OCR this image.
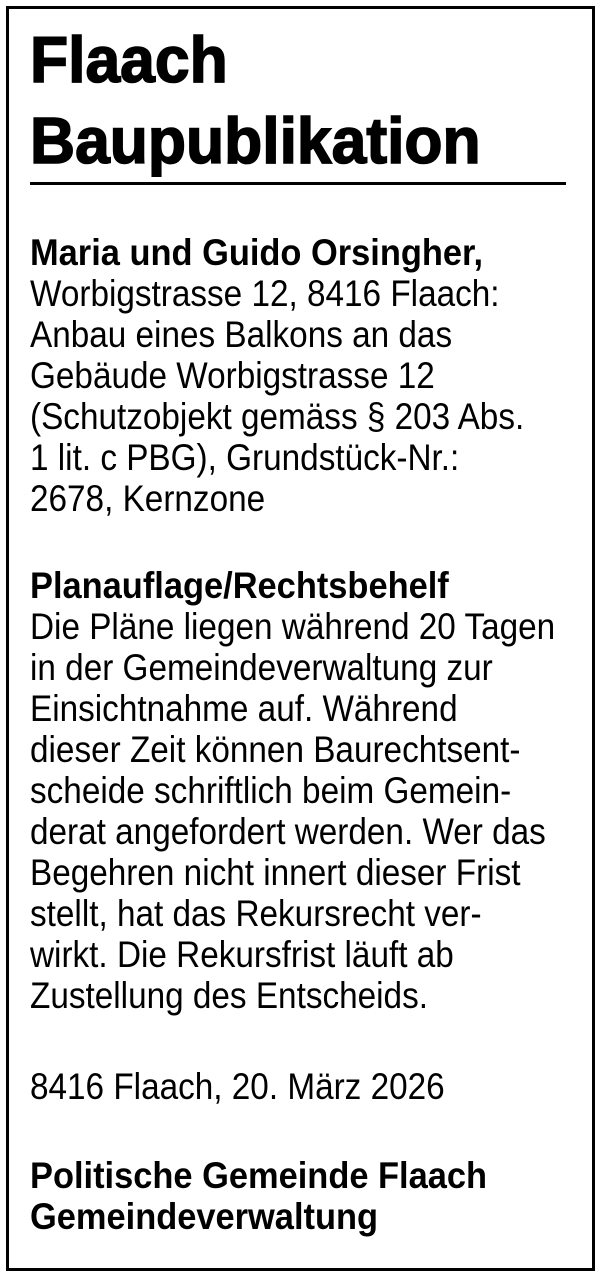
Flaach
Baupublikation
Maria und Guido Orsingher,
Worbigstrasse 12, 8416 Flaach:
Anbau eines Balkons an das
Gebäude Worbigstrasse 12
(Schutzobjekt gemäss § 203 Abs.
1 lit. c PBG), Grundstück-Nr.:
2678, Kernzone
Planauflage/Rechtsbehelf
Die Pläne liegen während 20 Tagen
in der Gemeindeverwaltung zur
Einsichtnahme auf. Während
dieser Zeit können Baurechtsent-
scheide schriftlich beim Gemein-
derat angefordert werden. Wer das
Begehren nicht innert dieser Frist
stellt, hat das Rekursrecht ver-
wirkt. Die Rekursfrist läuft ab
Zustellung des Entscheids.
8416 Flaach, 20. März 2026
Politische Gemeinde Flaach
Gemeindeverwaltung
